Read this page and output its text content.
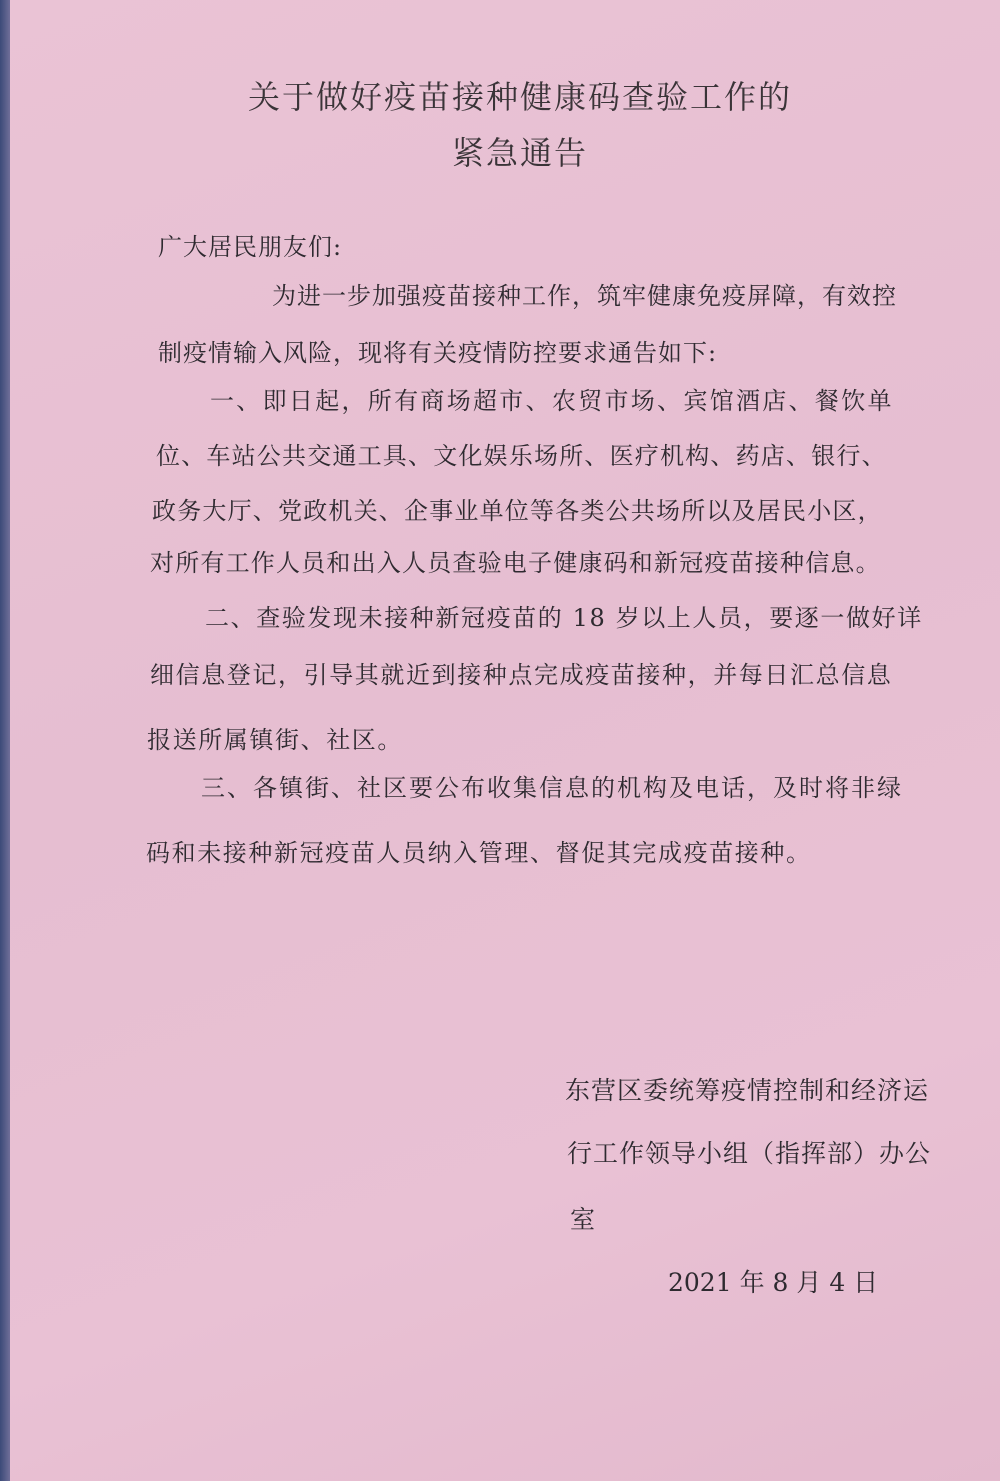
关于做好疫苗接种健康码查验工作的
紧急通告
广大居民朋友们:
为进一步加强疫苗接种工作，筑牢健康免疫屏障，有效控
制疫情输入风险，现将有关疫情防控要求通告如下:
一、即日起，所有商场超市、农贸市场、宾馆酒店、餐饮单
位、车站公共交通工具、文化娱乐场所、医疗机构、药店、银行、
政务大厅、党政机关、企事业单位等各类公共场所以及居民小区，
对所有工作人员和出入人员查验电子健康码和新冠疫苗接种信息。
二、查验发现未接种新冠疫苗的 18 岁以上人员，要逐一做好详
细信息登记，引导其就近到接种点完成疫苗接种，并每日汇总信息
报送所属镇街、社区。
三、各镇街、社区要公布收集信息的机构及电话，及时将非绿
码和未接种新冠疫苗人员纳入管理、督促其完成疫苗接种。
东营区委统筹疫情控制和经济运
行工作领导小组（指挥部）办公
室
2021 年 8 月 4 日
